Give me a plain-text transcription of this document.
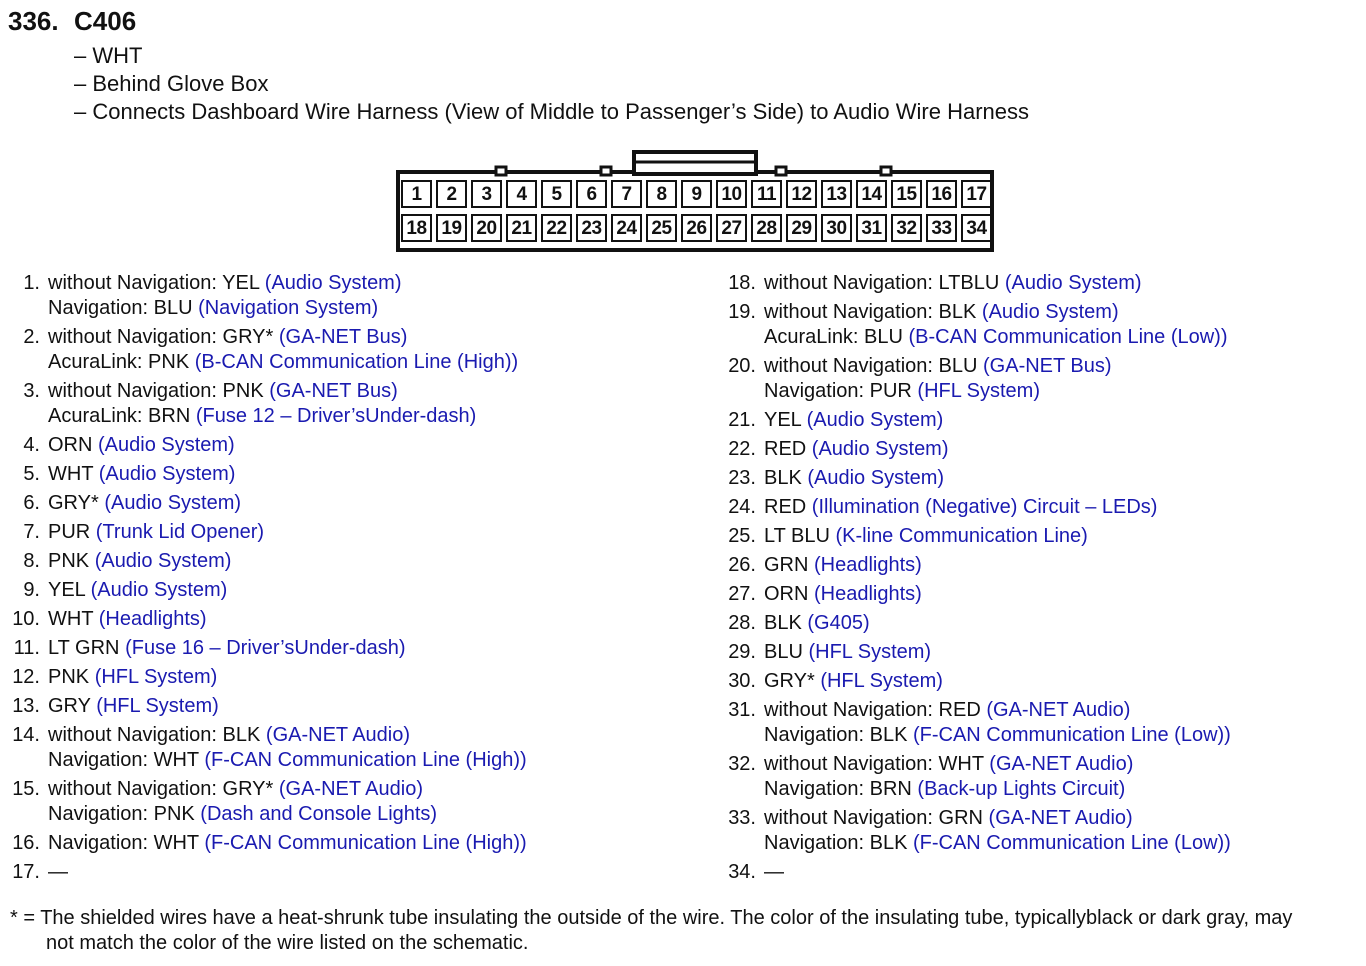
336. C406
– WHT
– Behind Glove Box
– Connects Dashboard Wire Harness (View of Middle to Passenger’s Side) to Audio Wire Harness
1	2	3	4	5	6	7	8	9	10 11 12 13 14 15 16 17
18 19 20 21 22 23 24 25 26 27 28 29 30 31 32 33 34
1. without Navigation: YEL (Audio System)
Navigation: BLU (Navigation System)
2. without Navigation: GRY* (GA-NET Bus)
AcuraLink: PNK (B-CAN Communication Line (High))
3. without Navigation: PNK (GA-NET Bus)
AcuraLink: BRN (Fuse 12 – Driver’sUnder-dash)
4. ORN (Audio System)
5. WHT (Audio System)
6. GRY* (Audio System)
7. PUR (Trunk Lid Opener)
8. PNK (Audio System)
9. YEL (Audio System)
10. WHT (Headlights)
11. LT GRN (Fuse 16 – Driver’sUnder-dash)
12. PNK (HFL System)
13. GRY (HFL System)
14. without Navigation: BLK (GA-NET Audio)
Navigation: WHT (F-CAN Communication Line (High))
15. without Navigation: GRY* (GA-NET Audio)
Navigation: PNK (Dash and Console Lights)
16. Navigation: WHT (F-CAN Communication Line (High))
17. —
18. without Navigation: LTBLU (Audio System)
19. without Navigation: BLK (Audio System)
AcuraLink: BLU (B-CAN Communication Line (Low))
20. without Navigation: BLU (GA-NET Bus)
Navigation: PUR (HFL System)
21. YEL (Audio System)
22. RED (Audio System)
23. BLK (Audio System)
24. RED (Illumination (Negative) Circuit – LEDs)
25. LT BLU (K-line Communication Line)
26. GRN (Headlights)
27. ORN (Headlights)
28. BLK (G405)
29. BLU (HFL System)
30. GRY* (HFL System)
31. without Navigation: RED (GA-NET Audio)
Navigation: BLK (F-CAN Communication Line (Low))
32. without Navigation: WHT (GA-NET Audio)
Navigation: BRN (Back-up Lights Circuit)
33. without Navigation: GRN (GA-NET Audio)
Navigation: BLK (F-CAN Communication Line (Low))
34. —
* = The shielded wires have a heat-shrunk tube insulating the outside of the wire. The color of the insulating tube, typicallyblack or dark gray, may
not match the color of the wire listed on the schematic.
